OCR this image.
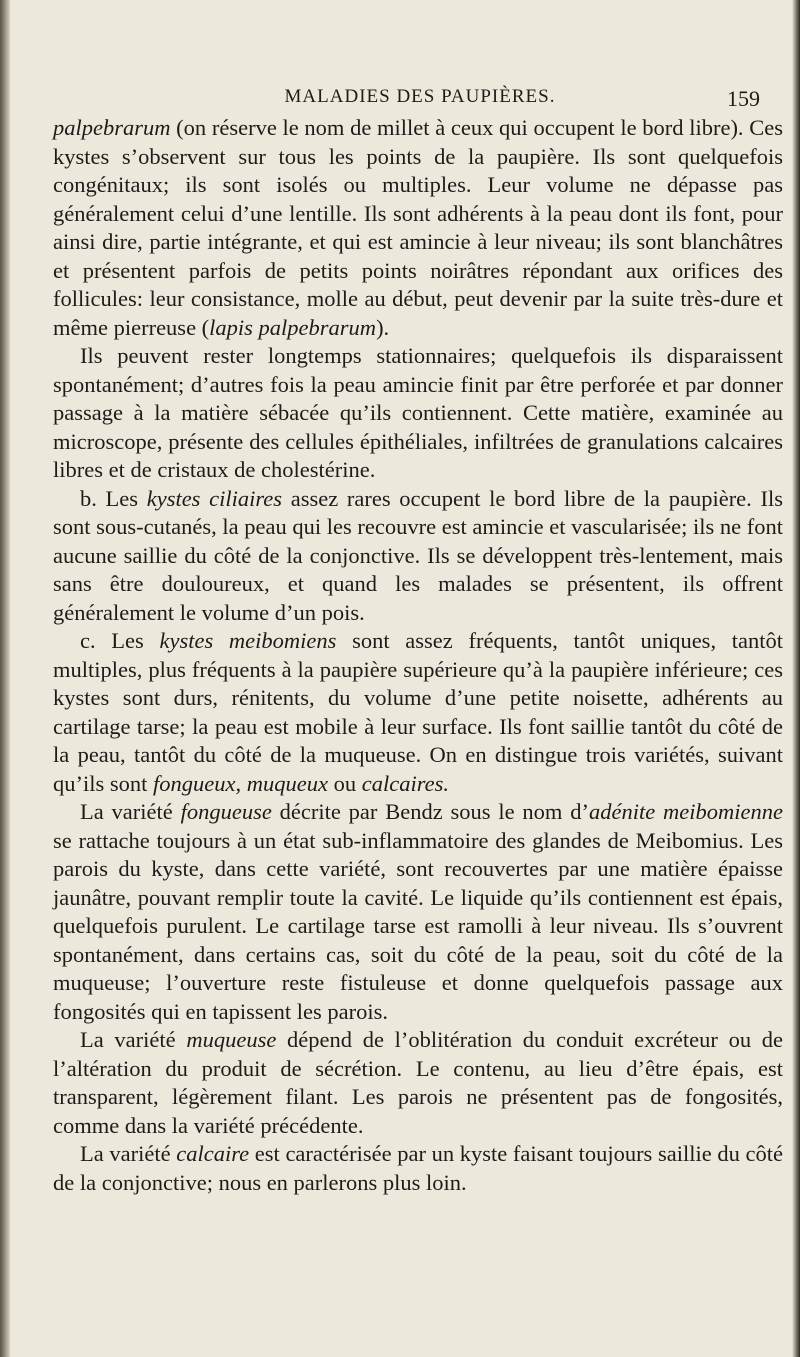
MALADIES DES PAUPIÈRES.	159

palpebrarum (on réserve le nom de millet à ceux qui occupent le bord libre). Ces kystes s’observent sur tous les points de la paupière. Ils sont quelquefois congénitaux; ils sont isolés ou multiples. Leur volume ne dépasse pas généralement celui d’une lentille. Ils sont adhérents à la peau dont ils font, pour ainsi dire, partie intégrante, et qui est amincie à leur niveau; ils sont blanchâtres et présentent parfois de petits points noirâtres répondant aux orifices des follicules: leur consistance, molle au début, peut devenir par la suite très-dure et même pierreuse (lapis palpebrarum).

Ils peuvent rester longtemps stationnaires; quelquefois ils disparaissent spontanément; d’autres fois la peau amincie finit par être perforée et par donner passage à la matière sébacée qu’ils contiennent. Cette matière, examinée au microscope, présente des cellules épithéliales, infiltrées de granulations calcaires libres et de cristaux de cholestérine.

b. Les kystes ciliaires assez rares occupent le bord libre de la paupière. Ils sont sous-cutanés, la peau qui les recouvre est amincie et vascularisée; ils ne font aucune saillie du côté de la conjonctive. Ils se développent très-lentement, mais sans être douloureux, et quand les malades se présentent, ils offrent généralement le volume d’un pois.

c. Les kystes meibomiens sont assez fréquents, tantôt uniques, tantôt multiples, plus fréquents à la paupière supérieure qu’à la paupière inférieure; ces kystes sont durs, rénitents, du volume d’une petite noisette, adhérents au cartilage tarse; la peau est mobile à leur surface. Ils font saillie tantôt du côté de la peau, tantôt du côté de la muqueuse. On en distingue trois variétés, suivant qu’ils sont fongueux, muqueux ou calcaires.

La variété fongueuse décrite par Bendz sous le nom d’adénite meibomienne se rattache toujours à un état sub-inflammatoire des glandes de Meibomius. Les parois du kyste, dans cette variété, sont recouvertes par une matière épaisse jaunâtre, pouvant remplir toute la cavité. Le liquide qu’ils contiennent est épais, quelquefois purulent. Le cartilage tarse est ramolli à leur niveau. Ils s’ouvrent spontanément, dans certains cas, soit du côté de la peau, soit du côté de la muqueuse; l’ouverture reste fistuleuse et donne quelquefois passage aux fongosités qui en tapissent les parois.

La variété muqueuse dépend de l’oblitération du conduit excréteur ou de l’altération du produit de sécrétion. Le contenu, au lieu d’être épais, est transparent, légèrement filant. Les parois ne présentent pas de fongosités, comme dans la variété précédente.

La variété calcaire est caractérisée par un kyste faisant toujours saillie du côté de la conjonctive; nous en parlerons plus loin.
